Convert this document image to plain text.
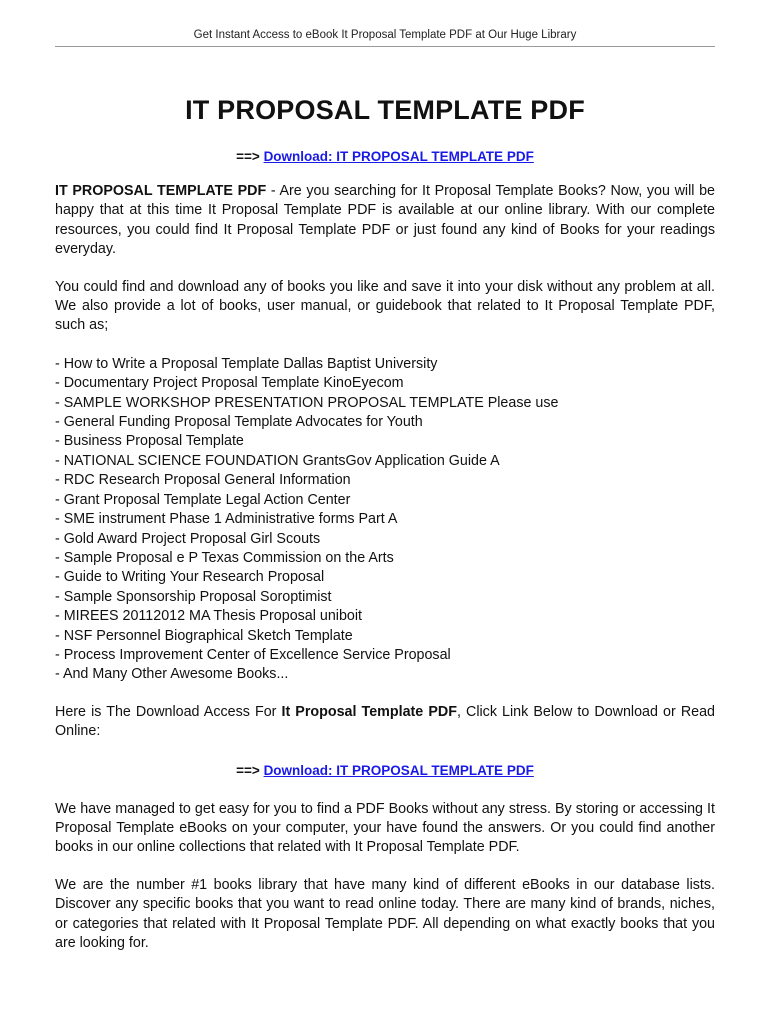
Get Instant Access to eBook It Proposal Template PDF at Our Huge Library
IT PROPOSAL TEMPLATE PDF
==> Download: IT PROPOSAL TEMPLATE PDF

IT PROPOSAL TEMPLATE PDF - Are you searching for It Proposal Template Books? Now, you will be happy that at this time It Proposal Template PDF is available at our online library. With our complete resources, you could find It Proposal Template PDF or just found any kind of Books for your readings everyday.

You could find and download any of books you like and save it into your disk without any problem at all. We also provide a lot of books, user manual, or guidebook that related to It Proposal Template PDF, such as;

- How to Write a Proposal Template Dallas Baptist University
- Documentary Project Proposal Template KinoEyecom
- SAMPLE WORKSHOP PRESENTATION PROPOSAL TEMPLATE Please use
- General Funding Proposal Template Advocates for Youth
- Business Proposal Template
- NATIONAL SCIENCE FOUNDATION GrantsGov Application Guide A
- RDC Research Proposal General Information
- Grant Proposal Template Legal Action Center
- SME instrument Phase 1 Administrative forms Part A
- Gold Award Project Proposal Girl Scouts
- Sample Proposal e P Texas Commission on the Arts
- Guide to Writing Your Research Proposal
- Sample Sponsorship Proposal Soroptimist
- MIREES 20112012 MA Thesis Proposal uniboit
- NSF Personnel Biographical Sketch Template
- Process Improvement Center of Excellence Service Proposal
- And Many Other Awesome Books...

Here is The Download Access For It Proposal Template PDF, Click Link Below to Download or Read Online:

==> Download: IT PROPOSAL TEMPLATE PDF

We have managed to get easy for you to find a PDF Books without any stress. By storing or accessing It Proposal Template eBooks on your computer, your have found the answers. Or you could find another books in our online collections that related with It Proposal Template PDF.

We are the number #1 books library that have many kind of different eBooks in our database lists. Discover any specific books that you want to read online today. There are many kind of brands, niches, or categories that related with It Proposal Template PDF. All depending on what exactly books that you are looking for.
